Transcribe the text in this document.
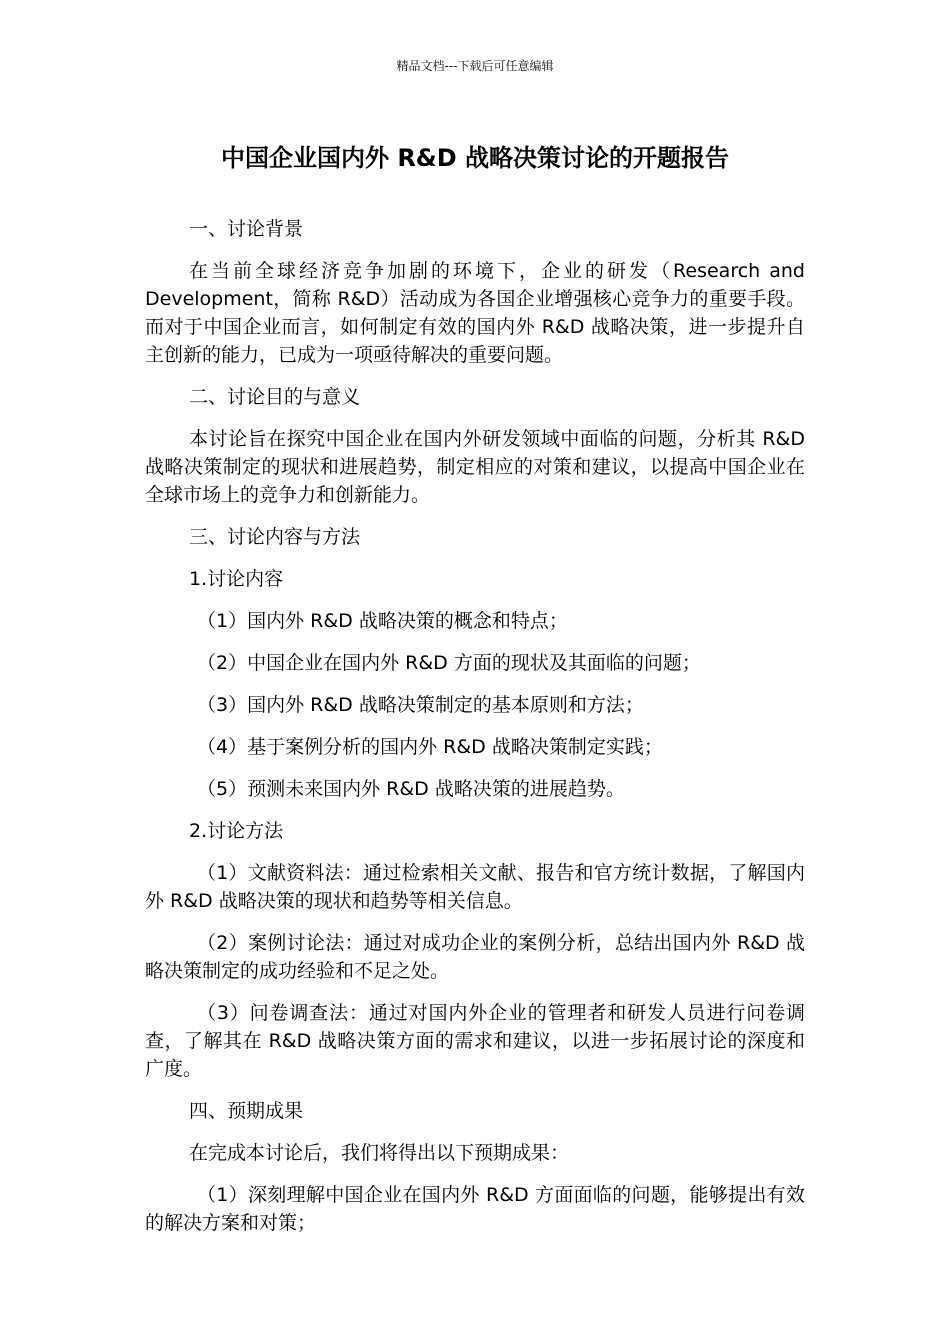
精品文档---下载后可任意编辑
中国企业国内外 R&D 战略决策讨论的开题报告
一、讨论背景
在当前全球经济竞争加剧的环境下，企业的研发（Research and Development，简称 R&D）活动成为各国企业增强核心竞争力的重要手段。而对于中国企业而言，如何制定有效的国内外 R&D 战略决策，进一步提升自主创新的能力，已成为一项亟待解决的重要问题。
二、讨论目的与意义
本讨论旨在探究中国企业在国内外研发领域中面临的问题，分析其 R&D 战略决策制定的现状和进展趋势，制定相应的对策和建议，以提高中国企业在全球市场上的竞争力和创新能力。
三、讨论内容与方法
1.讨论内容
（1）国内外 R&D 战略决策的概念和特点；
（2）中国企业在国内外 R&D 方面的现状及其面临的问题；
（3）国内外 R&D 战略决策制定的基本原则和方法；
（4）基于案例分析的国内外 R&D 战略决策制定实践；
（5）预测未来国内外 R&D 战略决策的进展趋势。
2.讨论方法
（1）文献资料法：通过检索相关文献、报告和官方统计数据，了解国内外 R&D 战略决策的现状和趋势等相关信息。
（2）案例讨论法：通过对成功企业的案例分析，总结出国内外 R&D 战略决策制定的成功经验和不足之处。
（3）问卷调查法：通过对国内外企业的管理者和研发人员进行问卷调查，了解其在 R&D 战略决策方面的需求和建议，以进一步拓展讨论的深度和广度。
四、预期成果
在完成本讨论后，我们将得出以下预期成果：
（1）深刻理解中国企业在国内外 R&D 方面面临的问题，能够提出有效的解决方案和对策；
